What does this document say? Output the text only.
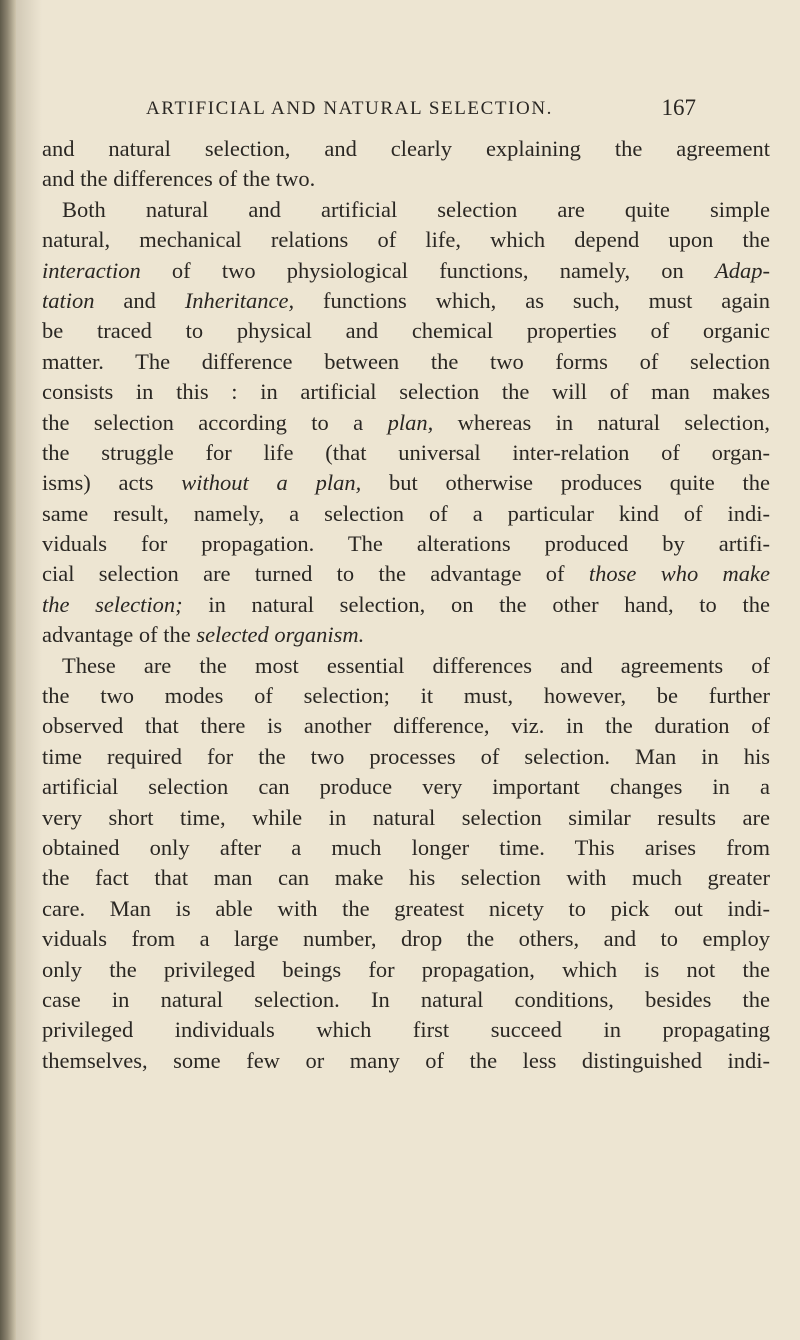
ARTIFICIAL AND NATURAL SELECTION.	167
and natural selection, and clearly explaining the agreement
and the differences of the two.
Both natural and artificial selection are quite simple
natural, mechanical relations of life, which depend upon the
interaction of two physiological functions, namely, on Adap-
tation and Inheritance, functions which, as such, must again
be traced to physical and chemical properties of organic
matter. The difference between the two forms of selection
consists in this : in artificial selection the will of man makes
the selection according to a plan, whereas in natural selection,
the struggle for life (that universal inter-relation of organ-
isms) acts without a plan, but otherwise produces quite the
same result, namely, a selection of a particular kind of indi-
viduals for propagation. The alterations produced by artifi-
cial selection are turned to the advantage of those who make
the selection; in natural selection, on the other hand, to the
advantage of the selected organism.
These are the most essential differences and agreements of
the two modes of selection; it must, however, be further
observed that there is another difference, viz. in the duration of
time required for the two processes of selection. Man in his
artificial selection can produce very important changes in a
very short time, while in natural selection similar results are
obtained only after a much longer time. This arises from
the fact that man can make his selection with much greater
care. Man is able with the greatest nicety to pick out indi-
viduals from a large number, drop the others, and to employ
only the privileged beings for propagation, which is not the
case in natural selection. In natural conditions, besides the
privileged individuals which first succeed in propagating
themselves, some few or many of the less distinguished indi-
